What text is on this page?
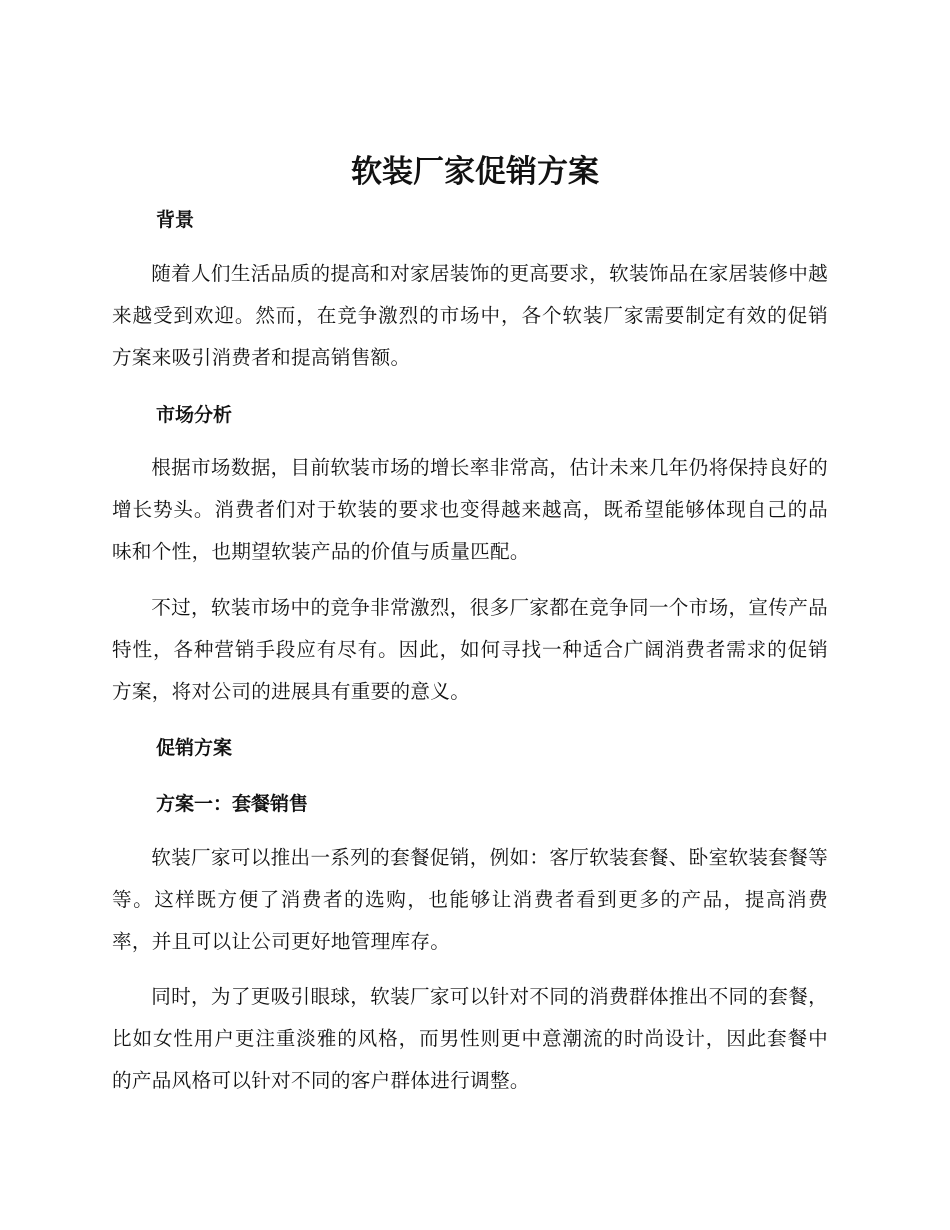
软装厂家促销方案
背景

随着人们生活品质的提高和对家居装饰的更高要求，软装饰品在家居装修中越来越受到欢迎。然而，在竞争激烈的市场中，各个软装厂家需要制定有效的促销方案来吸引消费者和提高销售额。

市场分析

根据市场数据，目前软装市场的增长率非常高，估计未来几年仍将保持良好的增长势头。消费者们对于软装的要求也变得越来越高，既希望能够体现自己的品味和个性，也期望软装产品的价值与质量匹配。

不过，软装市场中的竞争非常激烈，很多厂家都在竞争同一个市场，宣传产品特性，各种营销手段应有尽有。因此，如何寻找一种适合广阔消费者需求的促销方案，将对公司的进展具有重要的意义。

促销方案
方案一：套餐销售

软装厂家可以推出一系列的套餐促销，例如：客厅软装套餐、卧室软装套餐等等。这样既方便了消费者的选购，也能够让消费者看到更多的产品，提高消费率，并且可以让公司更好地管理库存。

同时，为了更吸引眼球，软装厂家可以针对不同的消费群体推出不同的套餐，比如女性用户更注重淡雅的风格，而男性则更中意潮流的时尚设计，因此套餐中的产品风格可以针对不同的客户群体进行调整。
